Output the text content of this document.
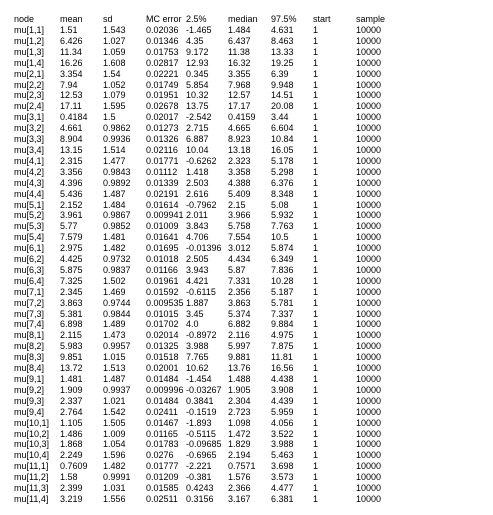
node	mean	sd	MC error	2.5%	median	97.5%	start	sample
mu[1,1]	1.51	1.543	0.02036	-1.465	1.484	4.631	1	10000
mu[1,2]	6.426	1.027	0.01346	4.35	6.437	8.463	1	10000
mu[1,3]	11.34	1.059	0.01753	9.172	11.38	13.33	1	10000
mu[1,4]	16.26	1.608	0.02817	12.93	16.32	19.25	1	10000
mu[2,1]	3.354	1.54	0.02221	0.345	3.355	6.39	1	10000
mu[2,2]	7.94	1.052	0.01749	5.854	7.968	9.948	1	10000
mu[2,3]	12.53	1.079	0.01951	10.32	12.57	14.51	1	10000
mu[2,4]	17.11	1.595	0.02678	13.75	17.17	20.08	1	10000
mu[3,1]	0.4184	1.5	0.02017	-2.542	0.4159	3.44	1	10000
mu[3,2]	4.661	0.9862	0.01273	2.715	4.665	6.604	1	10000
mu[3,3]	8.904	0.9936	0.01326	6.887	8.923	10.84	1	10000
mu[3,4]	13.15	1.514	0.02116	10.04	13.18	16.05	1	10000
mu[4,1]	2.315	1.477	0.01771	-0.6262	2.323	5.178	1	10000
mu[4,2]	3.356	0.9843	0.01112	1.418	3.358	5.298	1	10000
mu[4,3]	4.396	0.9892	0.01339	2.503	4.388	6.376	1	10000
mu[4,4]	5.436	1.487	0.02191	2.616	5.409	8.348	1	10000
mu[5,1]	2.152	1.484	0.01614	-0.7962	2.15	5.08	1	10000
mu[5,2]	3.961	0.9867	0.009941	2.011	3.966	5.932	1	10000
mu[5,3]	5.77	0.9852	0.01009	3.843	5.758	7.763	1	10000
mu[5,4]	7.579	1.481	0.01641	4.706	7.554	10.5	1	10000
mu[6,1]	2.975	1.482	0.01695	-0.01396	3.012	5.874	1	10000
mu[6,2]	4.425	0.9732	0.01018	2.505	4.434	6.349	1	10000
mu[6,3]	5.875	0.9837	0.01166	3.943	5.87	7.836	1	10000
mu[6,4]	7.325	1.502	0.01961	4.421	7.331	10.28	1	10000
mu[7,1]	2.345	1.469	0.01592	-0.6115	2.356	5.187	1	10000
mu[7,2]	3.863	0.9744	0.009535	1.887	3.863	5.781	1	10000
mu[7,3]	5.381	0.9844	0.01015	3.45	5.374	7.337	1	10000
mu[7,4]	6.898	1.489	0.01702	4.0	6.882	9.884	1	10000
mu[8,1]	2.115	1.473	0.02014	-0.8972	2.116	4.975	1	10000
mu[8,2]	5.983	0.9957	0.01325	3.988	5.997	7.875	1	10000
mu[8,3]	9.851	1.015	0.01518	7.765	9.881	11.81	1	10000
mu[8,4]	13.72	1.513	0.02001	10.62	13.76	16.56	1	10000
mu[9,1]	1.481	1.487	0.01484	-1.454	1.488	4.438	1	10000
mu[9,2]	1.909	0.9937	0.009996	-0.03267	1.905	3.908	1	10000
mu[9,3]	2.337	1.021	0.01484	0.3841	2.304	4.439	1	10000
mu[9,4]	2.764	1.542	0.02411	-0.1519	2.723	5.959	1	10000
mu[10,1]	1.105	1.505	0.01467	-1.893	1.098	4.056	1	10000
mu[10,2]	1.486	1.009	0.01165	-0.5115	1.472	3.522	1	10000
mu[10,3]	1.868	1.054	0.01783	-0.09685	1.829	3.988	1	10000
mu[10,4]	2.249	1.596	0.0276	-0.6965	2.194	5.463	1	10000
mu[11,1]	0.7609	1.482	0.01777	-2.221	0.7571	3.698	1	10000
mu[11,2]	1.58	0.9991	0.01209	-0.381	1.576	3.573	1	10000
mu[11,3]	2.399	1.031	0.01585	0.4243	2.366	4.477	1	10000
mu[11,4]	3.219	1.556	0.02511	0.3156	3.167	6.381	1	10000
